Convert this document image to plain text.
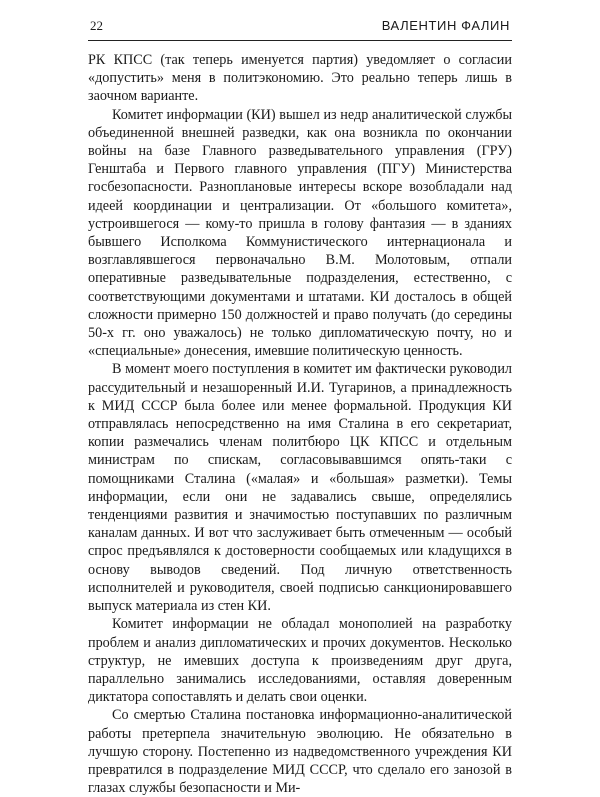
22	ВАЛЕНТИН ФАЛИН

РК КПСС (так теперь именуется партия) уведомляет о согласии «допустить» меня в политэкономию. Это реально теперь лишь в заочном варианте.

Комитет информации (КИ) вышел из недр аналитической службы объединенной внешней разведки, как она возникла по окончании войны на базе Главного разведывательного управления (ГРУ) Генштаба и Первого главного управления (ПГУ) Министерства госбезопасности. Разноплановые интересы вскоре возобладали над идеей координации и централизации. От «большого комитета», устроившегося — кому-то пришла в голову фантазия — в зданиях бывшего Исполкома Коммунистического интернационала и возглавлявшегося первоначально В.М. Молотовым, отпали оперативные разведывательные подразделения, естественно, с соответствующими документами и штатами. КИ досталось в общей сложности примерно 150 должностей и право получать (до середины 50-х гг. оно уважалось) не только дипломатическую почту, но и «специальные» донесения, имевшие политическую ценность.

В момент моего поступления в комитет им фактически руководил рассудительный и незашоренный И.И. Тугаринов, а принадлежность к МИД СССР была более или менее формальной. Продукция КИ отправлялась непосредственно на имя Сталина в его секретариат, копии размечались членам политбюро ЦК КПСС и отдельным министрам по спискам, согласовывавшимся опять-таки с помощниками Сталина («малая» и «большая» разметки). Темы информации, если они не задавались свыше, определялись тенденциями развития и значимостью поступавших по различным каналам данных. И вот что заслуживает быть отмеченным — особый спрос предъявлялся к достоверности сообщаемых или кладущихся в основу выводов сведений. Под личную ответственность исполнителей и руководителя, своей подписью санкционировавшего выпуск материала из стен КИ.

Комитет информации не обладал монополией на разработку проблем и анализ дипломатических и прочих документов. Несколько структур, не имевших доступа к произведениям друг друга, параллельно занимались исследованиями, оставляя доверенным диктатора сопоставлять и делать свои оценки.

Со смертью Сталина постановка информационно-аналитической работы претерпела значительную эволюцию. Не обязательно в лучшую сторону. Постепенно из надведомственного учреждения КИ превратился в подразделение МИД СССР, что сделало его занозой в глазах службы безопасности и Ми-
